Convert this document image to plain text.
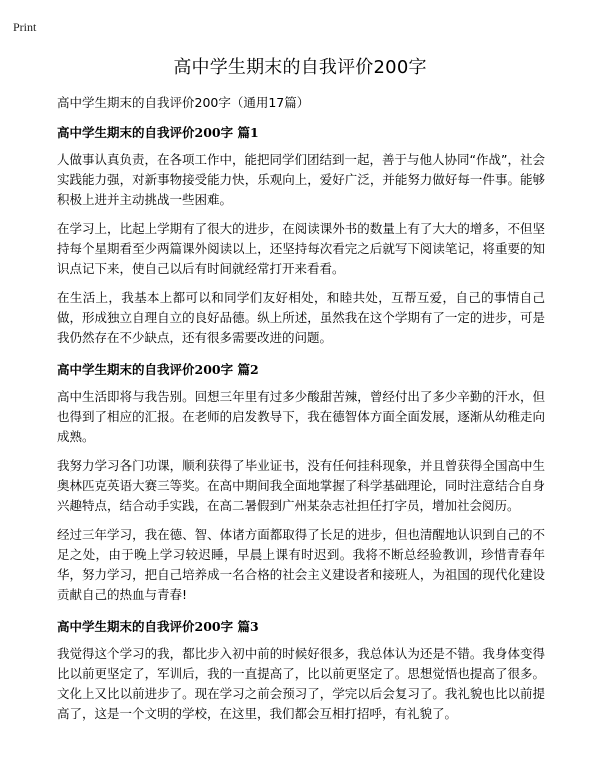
Print
高中学生期末的自我评价200字

高中学生期末的自我评价200字（通用17篇）

高中学生期末的自我评价200字 篇1

人做事认真负责，在各项工作中，能把同学们团结到一起，善于与他人协同“作战”，社会实践能力强，对新事物接受能力快，乐观向上，爱好广泛，并能努力做好每一件事。能够积极上进并主动挑战一些困难。

在学习上，比起上学期有了很大的进步，在阅读课外书的数量上有了大大的增多，不但坚持每个星期看至少两篇课外阅读以上，还坚持每次看完之后就写下阅读笔记，将重要的知识点记下来，使自己以后有时间就经常打开来看看。

在生活上，我基本上都可以和同学们友好相处，和睦共处，互帮互爱，自己的事情自己做，形成独立自理自立的良好品德。纵上所述，虽然我在这个学期有了一定的进步，可是我仍然存在不少缺点，还有很多需要改进的问题。

高中学生期末的自我评价200字 篇2

高中生活即将与我告别。回想三年里有过多少酸甜苦辣，曾经付出了多少辛勤的汗水，但也得到了相应的汇报。在老师的启发教导下，我在德智体方面全面发展，逐渐从幼稚走向成熟。

我努力学习各门功课，顺利获得了毕业证书，没有任何挂科现象，并且曾获得全国高中生奥林匹克英语大赛三等奖。在高中期间我全面地掌握了科学基础理论，同时注意结合自身兴趣特点，结合动手实践，在高二暑假到广州某杂志社担任打字员，增加社会阅历。

经过三年学习，我在德、智、体诸方面都取得了长足的进步，但也清醒地认识到自己的不足之处，由于晚上学习较迟睡，早晨上课有时迟到。我将不断总经验教训，珍惜青春年华，努力学习，把自己培养成一名合格的社会主义建设者和接班人，为祖国的现代化建设贡献自己的热血与青春!

高中学生期末的自我评价200字 篇3

我觉得这个学习的我，都比步入初中前的时候好很多，我总体认为还是不错。我身体变得比以前更坚定了，军训后，我的一直提高了，比以前更坚定了。思想觉悟也提高了很多。文化上又比以前进步了。现在学习之前会预习了，学完以后会复习了。我礼貌也比以前提高了，这是一个文明的学校，在这里，我们都会互相打招呼，有礼貌了。
